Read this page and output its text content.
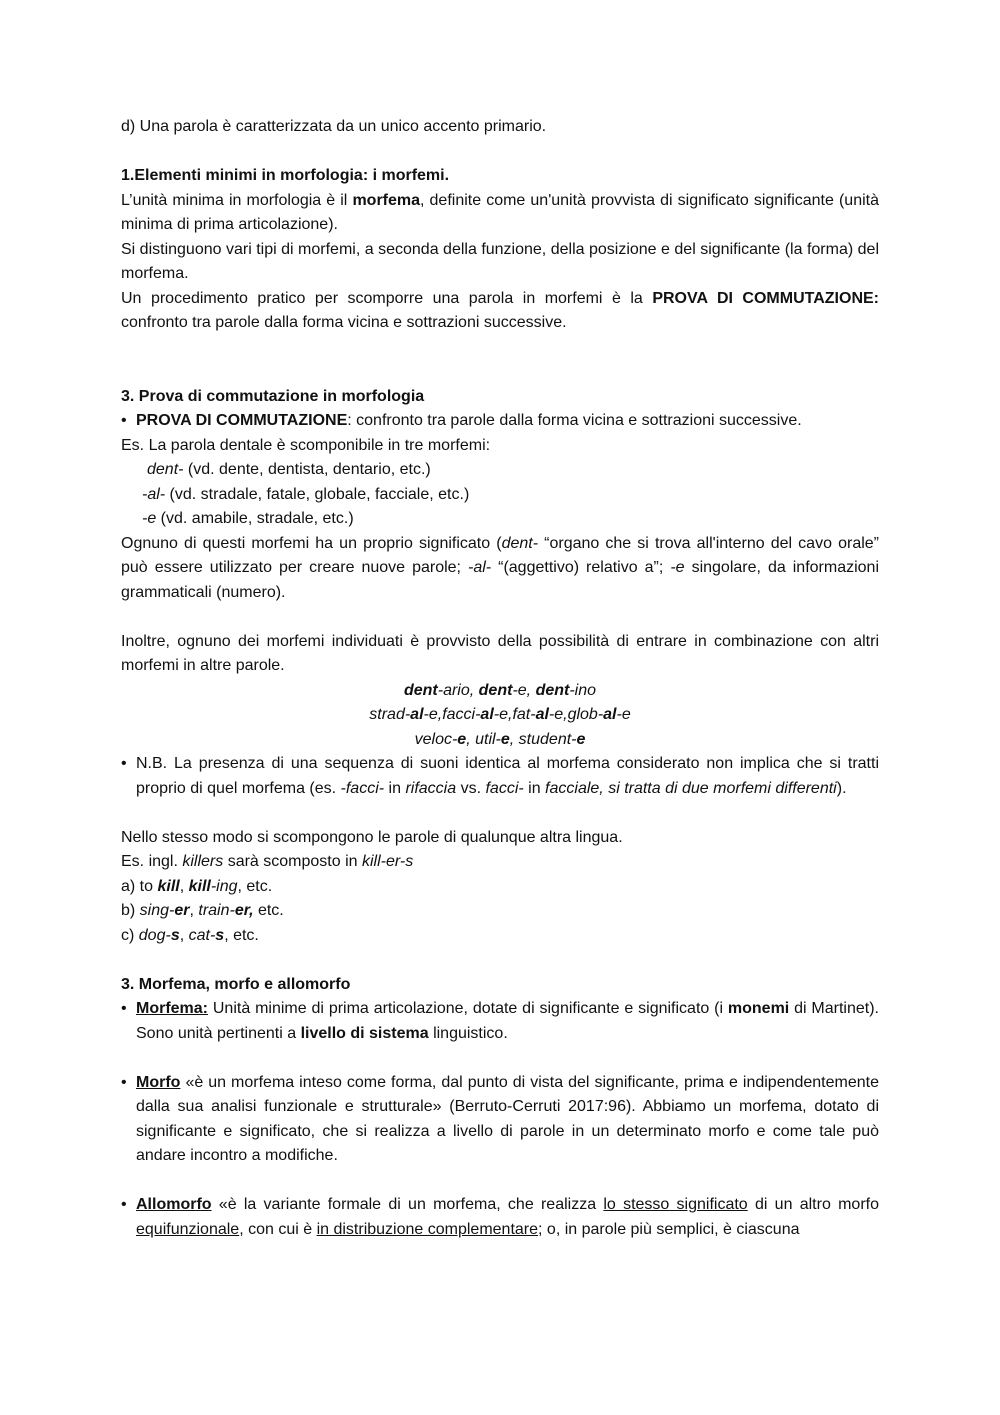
d) Una parola è caratterizzata da un unico accento primario.

1.Elementi minimi in morfologia: i morfemi.

L’unità minima in morfologia è il morfema, definite come un'unità provvista di significato significante (unità minima di prima articolazione).

Si distinguono vari tipi di morfemi, a seconda della funzione, della posizione e del significante (la forma) del morfema.

Un procedimento pratico per scomporre una parola in morfemi è la PROVA DI COMMUTAZIONE: confronto tra parole dalla forma vicina e sottrazioni successive.

3. Prova di commutazione in morfologia

• PROVA DI COMMUTAZIONE: confronto tra parole dalla forma vicina e sottrazioni successive.

Es. La parola dentale è scomponibile in tre morfemi:

dent- (vd. dente, dentista, dentario, etc.)

-al- (vd. stradale, fatale, globale, facciale, etc.)

-e (vd. amabile, stradale, etc.)

Ognuno di questi morfemi ha un proprio significato (dent- “organo che si trova all'interno del cavo orale” può essere utilizzato per creare nuove parole; -al- “(aggettivo) relativo a”; -e singolare, da informazioni grammaticali (numero).

Inoltre, ognuno dei morfemi individuati è provvisto della possibilità di entrare in combinazione con altri morfemi in altre parole.

dent-ario, dent-e, dent-ino

strad-al-e,facci-al-e,fat-al-e,glob-al-e

veloc-e, util-e, student-e

• N.B. La presenza di una sequenza di suoni identica al morfema considerato non implica che si tratti proprio di quel morfema (es. -facci- in rifaccia vs. facci- in facciale, si tratta di due morfemi differenti).

Nello stesso modo si scompongono le parole di qualunque altra lingua.

Es. ingl. killers sarà scomposto in kill-er-s

a) to kill, kill-ing, etc.

b) sing-er, train-er, etc.

c) dog-s, cat-s, etc.

3. Morfema, morfo e allomorfo

• Morfema: Unità minime di prima articolazione, dotate di significante e significato (i monemi di Martinet). Sono unità pertinenti a livello di sistema linguistico.

• Morfo «è un morfema inteso come forma, dal punto di vista del significante, prima e indipendentemente dalla sua analisi funzionale e strutturale» (Berruto-Cerruti 2017:96). Abbiamo un morfema, dotato di significante e significato, che si realizza a livello di parole in un determinato morfo e come tale può andare incontro a modifiche.

• Allomorfo «è la variante formale di un morfema, che realizza lo stesso significato di un altro morfo equifunzionale, con cui è in distribuzione complementare; o, in parole più semplici, è ciascuna
